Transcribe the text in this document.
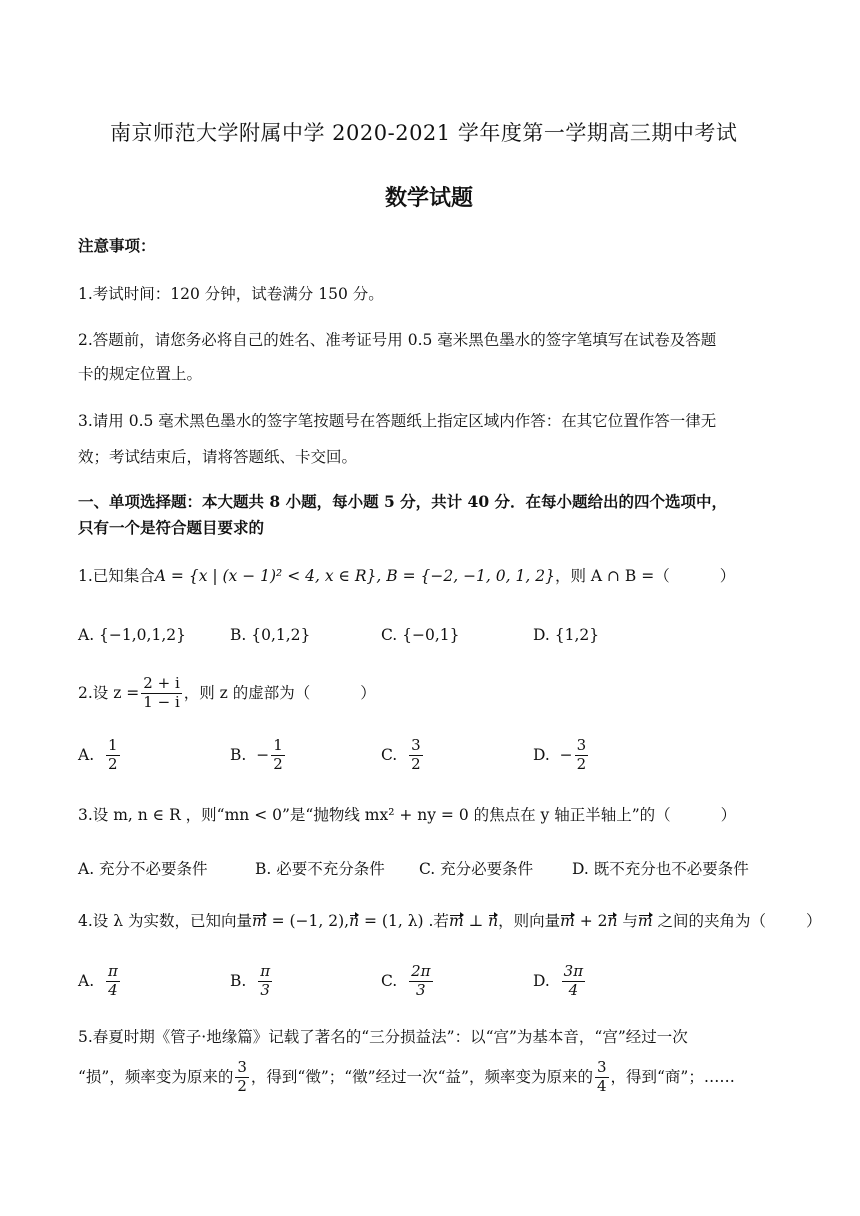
南京师范大学附属中学 2020-2021 学年度第一学期高三期中考试
数学试题
注意事项：
1.考试时间：120 分钟，试卷满分 150 分。
2.答题前，请您务必将自己的姓名、准考证号用 0.5 毫米黑色墨水的签字笔填写在试卷及答题
卡的规定位置上。
3.请用 0.5 毫术黑色墨水的签字笔按题号在答题纸上指定区域内作答：在其它位置作答一律无
效；考试结束后，请将答题纸、卡交回。
一、单项选择题：本大题共 8 小题，每小题 5 分，共计 40 分．在每小题给出的四个选项中，
只有一个是符合题目要求的
1.已知集合A = {x | (x − 1)² < 4, x ∈ R}, B = {−2, −1, 0, 1, 2}，则 A ∩ B =（	）
A. {−1,0,1,2}	B. {0,1,2}	C. {−0,1}	D. {1,2}
2.设 $z = \frac{2 + i}{1 - i}$ ，则 z 的虚部为（	）
A.
$\frac{1}{2}$	B.
− $\frac{1}{2}$	C.
$\frac{3}{2}$	D.
− $\frac{3}{2}$
3.设 m, n ∈ R ，则“mn < 0”是“抛物线 mx² + ny = 0 的焦点在 y 轴正半轴上”的（	）
A. 充分不必要条件	B. 必要不充分条件 C. 充分必要条件	D. 既不充分也不必要条件
4.设 λ 为实数，已知向量m = (−1, 2),n = (1, λ) .若m ⊥ n，则向量m + 2n 与m 之间的夹角为（	）
A.
$\frac{\pi}{4}$	B.
$\frac{\pi}{3}$	C.
$\frac{2\pi}{3}$	D.
$\frac{3\pi}{4}$
5.春夏时期《管子·地缘篇》记载了著名的“三分损益法”：以“宫”为基本音，“宫”经过一次
“损”，频率变为原来的 $\frac{3}{2}$ ，得到“徵”；“徵”经过一次“益”，频率变为原来的 $\frac{3}{4}$ ，得到“商”；……
